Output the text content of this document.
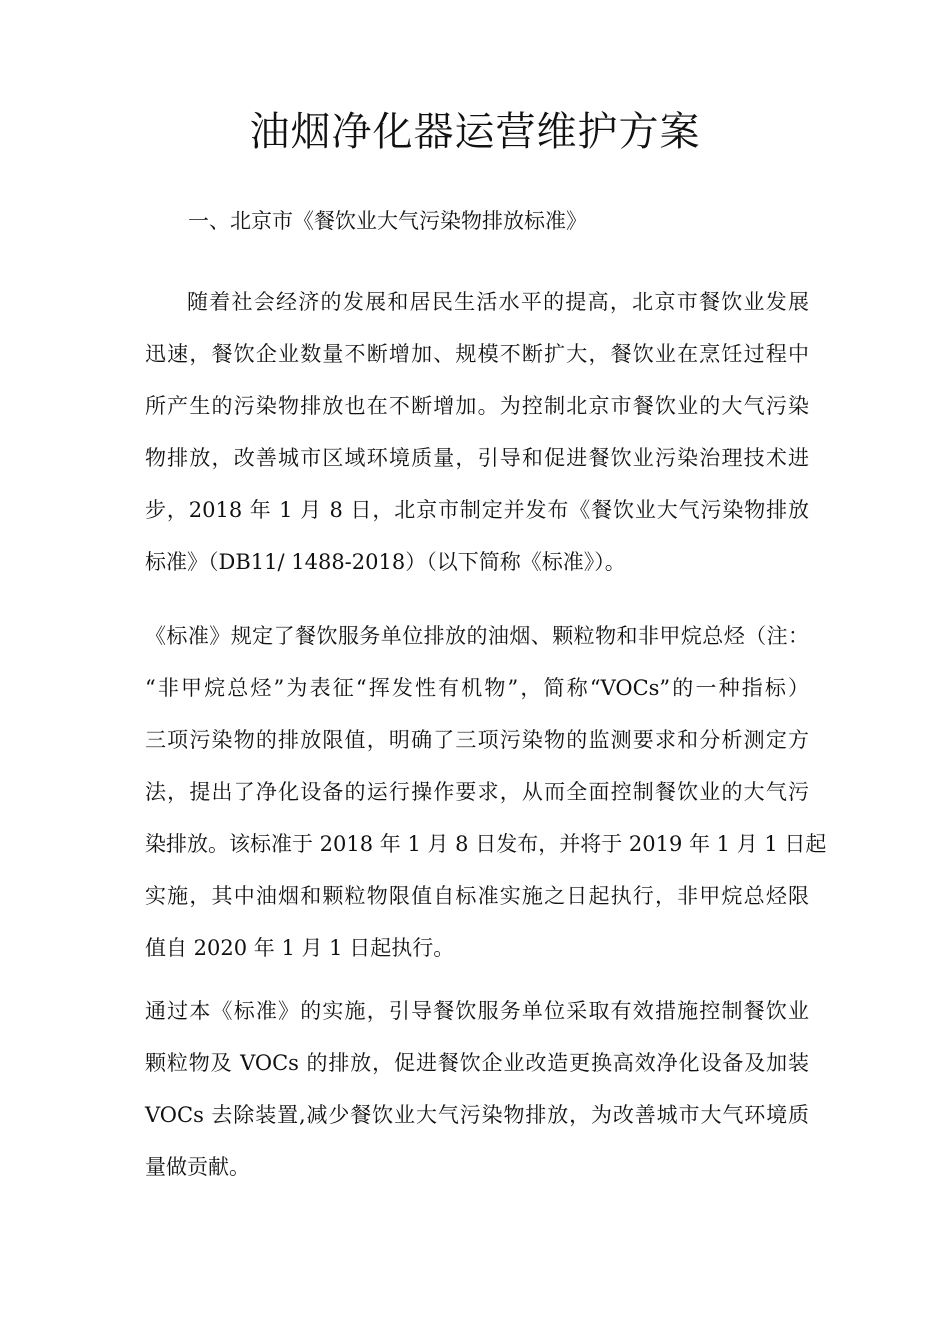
油烟净化器运营维护方案
一、北京市《餐饮业大气污染物排放标准》

随着社会经济的发展和居民生活水平的提高，北京市餐饮业发展
迅速，餐饮企业数量不断增加、规模不断扩大，餐饮业在烹饪过程中
所产生的污染物排放也在不断增加。为控制北京市餐饮业的大气污染
物排放，改善城市区域环境质量，引导和促进餐饮业污染治理技术进
步，2018 年 1 月 8 日，北京市制定并发布《餐饮业大气污染物排放
标准》（DB11/ 1488-2018）（以下简称《标准》）。

《标准》规定了餐饮服务单位排放的油烟、颗粒物和非甲烷总烃（注：
“非甲烷总烃”为表征“挥发性有机物”，简称“VOCs”的一种指标）
三项污染物的排放限值，明确了三项污染物的监测要求和分析测定方
法，提出了净化设备的运行操作要求，从而全面控制餐饮业的大气污
染排放。该标准于 2018 年 1 月 8 日发布，并将于 2019 年 1 月 1 日起
实施，其中油烟和颗粒物限值自标准实施之日起执行，非甲烷总烃限
值自 2020 年 1 月 1 日起执行。

通过本《标准》的实施，引导餐饮服务单位采取有效措施控制餐饮业
颗粒物及 VOCs 的排放，促进餐饮企业改造更换高效净化设备及加装
VOCs 去除装置,减少餐饮业大气污染物排放，为改善城市大气环境质
量做贡献。
